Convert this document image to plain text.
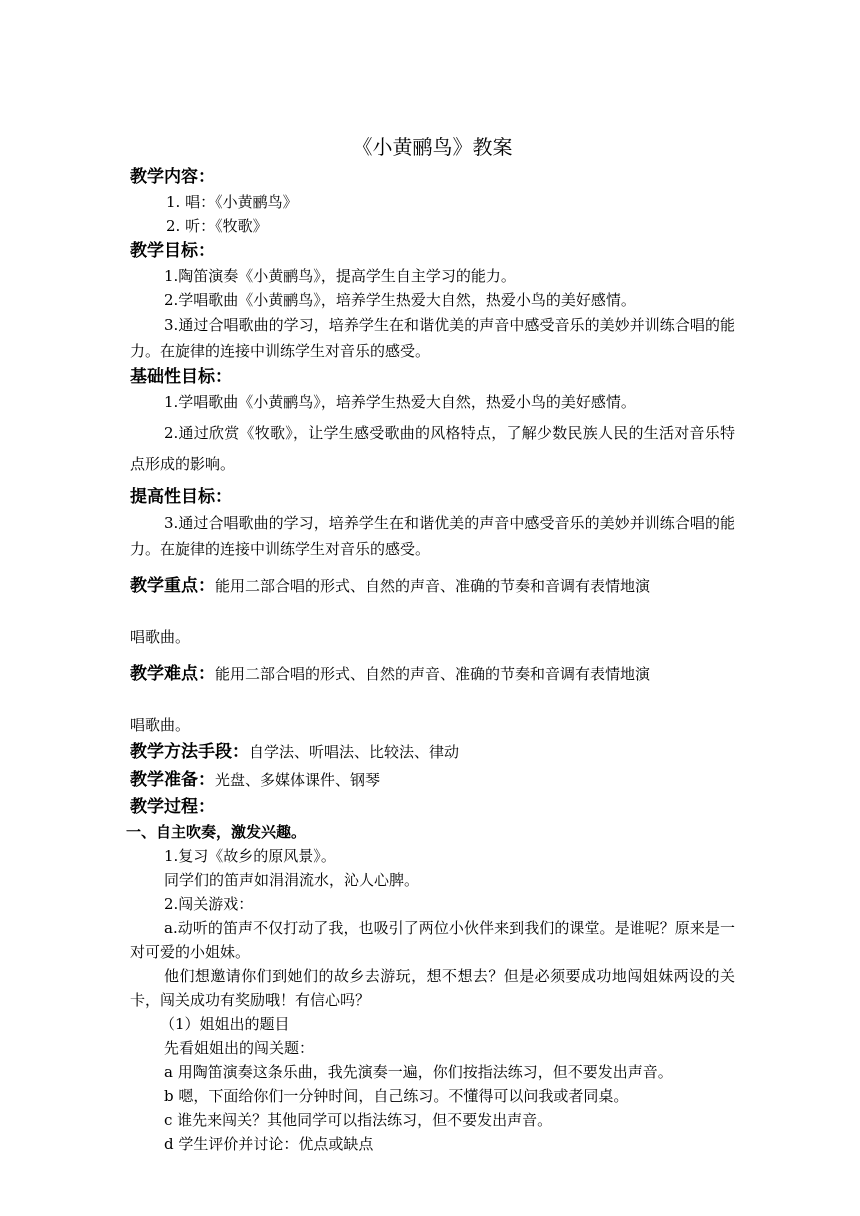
《小黄鹂鸟》教案
教学内容：
1. 唱：《小黄鹂鸟》
2. 听：《牧歌》
教学目标：
1.陶笛演奏《小黄鹂鸟》，提高学生自主学习的能力。
2.学唱歌曲《小黄鹂鸟》，培养学生热爱大自然，热爱小鸟的美好感情。
3.通过合唱歌曲的学习，培养学生在和谐优美的声音中感受音乐的美妙并训练合唱的能力。在旋律的连接中训练学生对音乐的感受。
基础性目标：
1.学唱歌曲《小黄鹂鸟》，培养学生热爱大自然，热爱小鸟的美好感情。
2.通过欣赏《牧歌》，让学生感受歌曲的风格特点，了解少数民族人民的生活对音乐特点形成的影响。
提高性目标：
3.通过合唱歌曲的学习，培养学生在和谐优美的声音中感受音乐的美妙并训练合唱的能力。在旋律的连接中训练学生对音乐的感受。
教学重点：能用二部合唱的形式、自然的声音、准确的节奏和音调有表情地演
唱歌曲。
教学难点：能用二部合唱的形式、自然的声音、准确的节奏和音调有表情地演
唱歌曲。
教学方法手段：自学法、听唱法、比较法、律动
教学准备：光盘、多媒体课件、钢琴
教学过程：
一、自主吹奏，激发兴趣。
1.复习《故乡的原风景》。
同学们的笛声如涓涓流水，沁人心脾。
2.闯关游戏：
a.动听的笛声不仅打动了我，也吸引了两位小伙伴来到我们的课堂。是谁呢？原来是一对可爱的小姐妹。
他们想邀请你们到她们的故乡去游玩，想不想去？但是必须要成功地闯姐妹两设的关卡，闯关成功有奖励哦！有信心吗？
（1）姐姐出的题目
先看姐姐出的闯关题：
a 用陶笛演奏这条乐曲，我先演奏一遍，你们按指法练习，但不要发出声音。
b 嗯，下面给你们一分钟时间，自己练习。不懂得可以问我或者同桌。
c 谁先来闯关？其他同学可以指法练习，但不要发出声音。
d 学生评价并讨论：优点或缺点
